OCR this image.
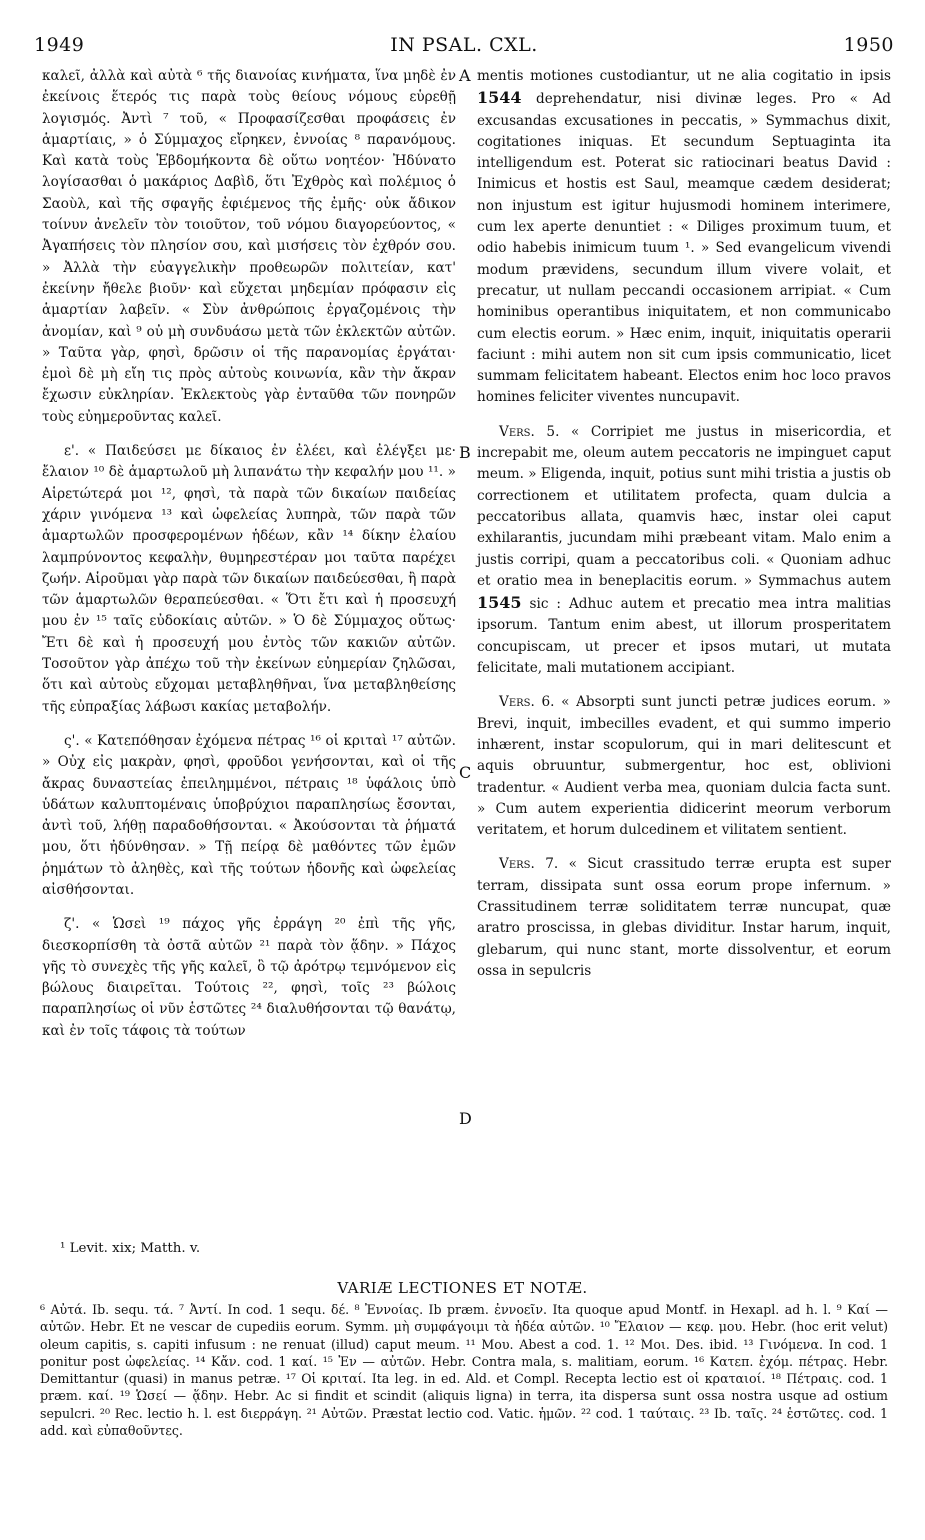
1949	IN PSAL. CXL.	1950
A
B
C
D

καλεῖ, ἀλλὰ καὶ αὐτὰ ⁶ τῆς διανοίας κινήματα, ἵνα μηδὲ ἐν ἐκείνοις ἕτερός τις παρὰ τοὺς θείους νόμους εὑρεθῇ λογισμός. Ἀντὶ ⁷ τοῦ, « Προφασίζεσθαι προφάσεις ἐν ἁμαρτίαις, » ὁ Σύμμαχος εἴρηκεν, ἐννοίας ⁸ παρανόμους. Καὶ κατὰ τοὺς Ἑβδομήκοντα δὲ οὕτω νοητέον· Ἠδύνατο λογίσασθαι ὁ μακάριος Δαβὶδ, ὅτι Ἐχθρὸς καὶ πολέμιος ὁ Σαοὺλ, καὶ τῆς σφαγῆς ἐφιέμενος τῆς ἐμῆς· οὐκ ἄδικον τοίνυν ἀνελεῖν τὸν τοιοῦτον, τοῦ νόμου διαγορεύοντος, « Ἀγαπήσεις τὸν πλησίον σου, καὶ μισήσεις τὸν ἐχθρόν σου. » Ἀλλὰ τὴν εὐαγγελικὴν προθεωρῶν πολιτείαν, κατ' ἐκείνην ἤθελε βιοῦν· καὶ εὔχεται μηδεμίαν πρόφασιν εἰς ἁμαρτίαν λαβεῖν. « Σὺν ἀνθρώποις ἐργαζομένοις τὴν ἀνομίαν, καὶ ⁹ οὐ μὴ συνδυάσω μετὰ τῶν ἐκλεκτῶν αὐτῶν. » Ταῦτα γὰρ, φησὶ, δρῶσιν οἱ τῆς παρανομίας ἐργάται· ἐμοὶ δὲ μὴ εἴη τις πρὸς αὐτοὺς κοινωνία, κἂν τὴν ἄκραν ἔχωσιν εὐκληρίαν. Ἐκλεκτοὺς γὰρ ἐνταῦθα τῶν πονηρῶν τοὺς εὐημεροῦντας καλεῖ.

ε'. « Παιδεύσει με δίκαιος ἐν ἐλέει, καὶ ἐλέγξει με· ἔλαιον ¹⁰ δὲ ἁμαρτωλοῦ μὴ λιπανάτω τὴν κεφαλήν μου ¹¹. » Αἱρετώτερά μοι ¹², φησὶ, τὰ παρὰ τῶν δικαίων παιδείας χάριν γινόμενα ¹³ καὶ ὠφελείας λυπηρὰ, τῶν παρὰ τῶν ἁμαρτωλῶν προσφερομένων ἡδέων, κἂν ¹⁴ δίκην ἐλαίου λαμπρύνοντος κεφαλὴν, θυμηρεστέραν μοι ταῦτα παρέχει ζωήν. Αἱροῦμαι γὰρ παρὰ τῶν δικαίων παιδεύεσθαι, ἢ παρὰ τῶν ἁμαρτωλῶν θεραπεύεσθαι. « Ὅτι ἔτι καὶ ἡ προσευχή μου ἐν ¹⁵ ταῖς εὐδοκίαις αὐτῶν. » Ὁ δὲ Σύμμαχος οὕτως· Ἔτι δὲ καὶ ἡ προσευχή μου ἐντὸς τῶν κακιῶν αὐτῶν. Τοσοῦτον γὰρ ἀπέχω τοῦ τὴν ἐκείνων εὐημερίαν ζηλῶσαι, ὅτι καὶ αὐτοὺς εὔχομαι μεταβληθῆναι, ἵνα μεταβληθείσης τῆς εὐπραξίας λάβωσι κακίας μεταβολήν.

ς'. « Κατεπόθησαν ἐχόμενα πέτρας ¹⁶ οἱ κριταὶ ¹⁷ αὐτῶν. » Οὐχ εἰς μακρὰν, φησὶ, φροῦδοι γενήσονται, καὶ οἱ τῆς ἄκρας δυναστείας ἐπειλημμένοι, πέτραις ¹⁸ ὑφάλοις ὑπὸ ὑδάτων καλυπτομέναις ὑποβρύχιοι παραπλησίως ἔσονται, ἀντὶ τοῦ, λήθῃ παραδοθήσονται. « Ἀκούσονται τὰ ῥήματά μου, ὅτι ἠδύνθησαν. » Τῇ πείρᾳ δὲ μαθόντες τῶν ἐμῶν ῥημάτων τὸ ἀληθὲς, καὶ τῆς τούτων ἡδονῆς καὶ ὠφελείας αἰσθήσονται.

ζ'. « Ὡσεὶ ¹⁹ πάχος γῆς ἐρράγη ²⁰ ἐπὶ τῆς γῆς, διεσκορπίσθη τὰ ὀστᾶ αὐτῶν ²¹ παρὰ τὸν ᾅδην. » Πάχος γῆς τὸ συνεχὲς τῆς γῆς καλεῖ, ὃ τῷ ἀρότρῳ τεμνόμενον εἰς βώλους διαιρεῖται. Τούτοις ²², φησὶ, τοῖς ²³ βώλοις παραπλησίως οἱ νῦν ἑστῶτες ²⁴ διαλυθήσονται τῷ θανάτῳ, καὶ ἐν τοῖς τάφοις τὰ τούτων

mentis motiones custodiantur, ut ne alia cogitatio in ipsis 1544 deprehendatur, nisi divinæ leges. Pro « Ad excusandas excusationes in peccatis, » Symmachus dixit, cogitationes iniquas. Et secundum Septuaginta ita intelligendum est. Poterat sic ratiocinari beatus David : Inimicus et hostis est Saul, meamque cædem desiderat; non injustum est igitur hujusmodi hominem interimere, cum lex aperte denuntiet : « Diliges proximum tuum, et odio habebis inimicum tuum ¹. » Sed evangelicum vivendi modum prævidens, secundum illum vivere volait, et precatur, ut nullam peccandi occasionem arripiat. « Cum hominibus operantibus iniquitatem, et non communicabo cum electis eorum. » Hæc enim, inquit, iniquitatis operarii faciunt : mihi autem non sit cum ipsis communicatio, licet summam felicitatem habeant. Electos enim hoc loco pravos homines feliciter viventes nuncupavit.

Vers. 5. « Corripiet me justus in misericordia, et increpabit me, oleum autem peccatoris ne impinguet caput meum. » Eligenda, inquit, potius sunt mihi tristia a justis ob correctionem et utilitatem profecta, quam dulcia a peccatoribus allata, quamvis hæc, instar olei caput exhilarantis, jucundam mihi præbeant vitam. Malo enim a justis corripi, quam a peccatoribus coli. « Quoniam adhuc et oratio mea in beneplacitis eorum. » Symmachus autem 1545 sic : Adhuc autem et precatio mea intra malitias ipsorum. Tantum enim abest, ut illorum prosperitatem concupiscam, ut precer et ipsos mutari, ut mutata felicitate, mali mutationem accipiant.

Vers. 6. « Absorpti sunt juncti petræ judices eorum. » Brevi, inquit, imbecilles evadent, et qui summo imperio inhærent, instar scopulorum, qui in mari delitescunt et aquis obruuntur, submergentur, hoc est, oblivioni tradentur. « Audient verba mea, quoniam dulcia facta sunt. » Cum autem experientia didicerint meorum verborum veritatem, et horum dulcedinem et vilitatem sentient.

Vers. 7. « Sicut crassitudo terræ erupta est super terram, dissipata sunt ossa eorum prope infernum. » Crassitudinem terræ soliditatem terræ nuncupat, quæ aratro proscissa, in glebas dividitur. Instar harum, inquit, glebarum, qui nunc stant, morte dissolventur, et eorum ossa in sepulcris

¹ Levit. xix; Matth. v.
VARIÆ LECTIONES ET NOTÆ.
⁶ Αὐτά. Ib. sequ. τά. ⁷ Ἀντί. In cod. 1 sequ. δέ. ⁸ Ἐννοίας. Ib præm. ἐννοεῖν. Ita quoque apud Montf. in Hexapl. ad h. l. ⁹ Καί — αὐτῶν. Hebr. Et ne vescar de cupediis eorum. Symm. μὴ συμφάγοιμι τὰ ἡδέα αὐτῶν. ¹⁰ Ἔλαιον — κεφ. μου. Hebr. (hoc erit velut) oleum capitis, s. capiti infusum : ne renuat (illud) caput meum. ¹¹ Μου. Abest a cod. 1. ¹² Μοι. Des. ibid. ¹³ Γινόμενα. In cod. 1 ponitur post ὠφελείας. ¹⁴ Κἄν. cod. 1 καί. ¹⁵ Ἐν — αὐτῶν. Hebr. Contra mala, s. malitiam, eorum. ¹⁶ Κατεπ. ἐχόμ. πέτρας. Hebr. Demittantur (quasi) in manus petræ. ¹⁷ Οἱ κριταί. Ita leg. in ed. Ald. et Compl. Recepta lectio est οἱ κραταιοί. ¹⁸ Πέτραις. cod. 1 præm. καί. ¹⁹ Ὡσεί — ᾅδην. Hebr. Ac si findit et scindit (aliquis ligna) in terra, ita dispersa sunt ossa nostra usque ad ostium sepulcri. ²⁰ Rec. lectio h. l. est διερράγη. ²¹ Αὐτῶν. Præstat lectio cod. Vatic. ἡμῶν. ²² cod. 1 ταύταις. ²³ Ib. ταῖς. ²⁴ ἑστῶτες. cod. 1 add. καὶ εὐπαθοῦντες.
